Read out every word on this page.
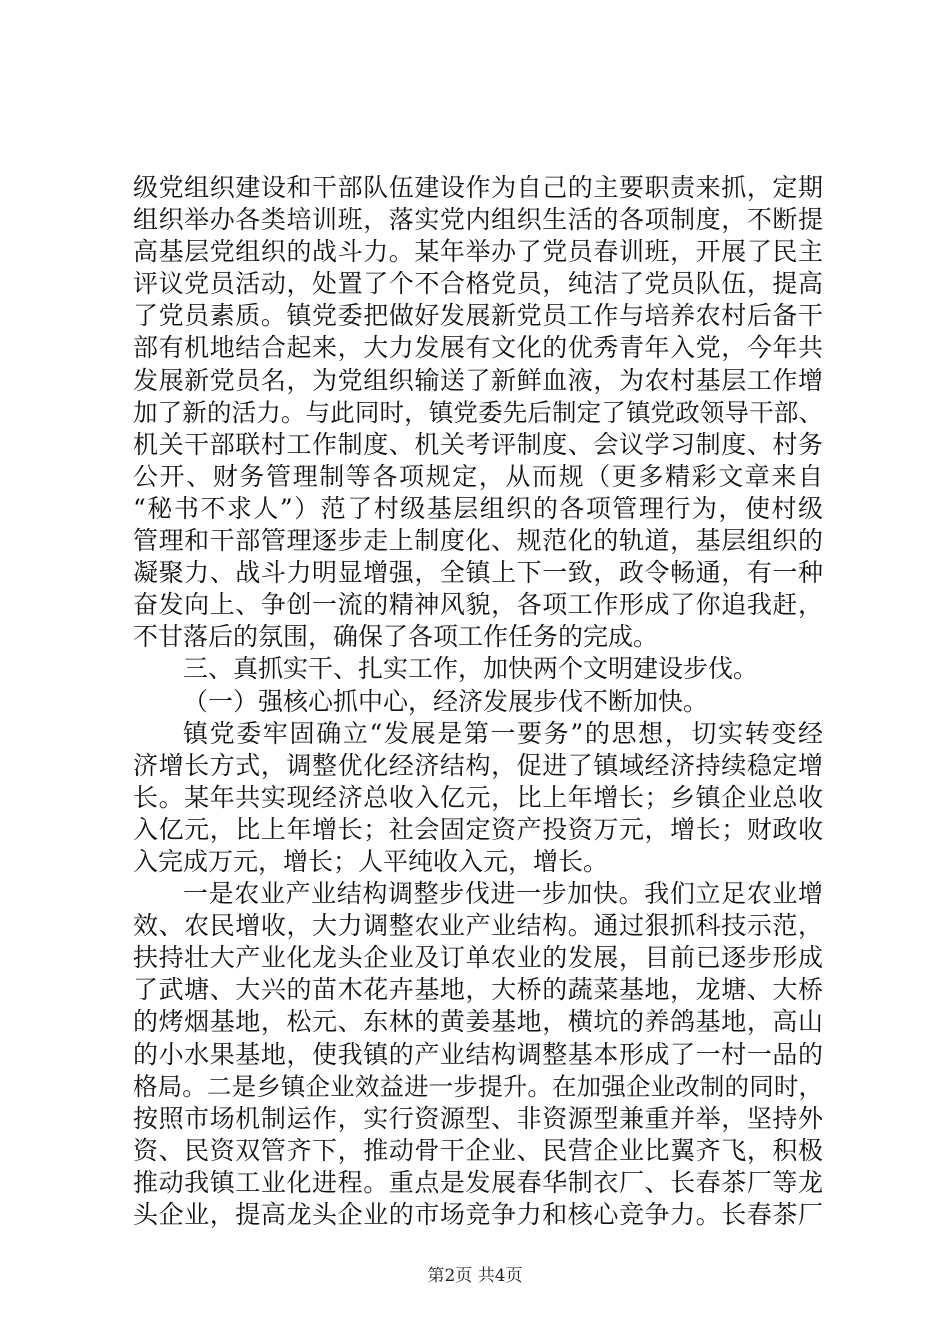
级党组织建设和干部队伍建设作为自己的主要职责来抓，定期
组织举办各类培训班，落实党内组织生活的各项制度，不断提
高基层党组织的战斗力。某年举办了党员春训班，开展了民主
评议党员活动，处置了个不合格党员，纯洁了党员队伍，提高
了党员素质。镇党委把做好发展新党员工作与培养农村后备干
部有机地结合起来，大力发展有文化的优秀青年入党，今年共
发展新党员名，为党组织输送了新鲜血液，为农村基层工作增
加了新的活力。与此同时，镇党委先后制定了镇党政领导干部、
机关干部联村工作制度、机关考评制度、会议学习制度、村务
公开、财务管理制等各项规定，从而规（更多精彩文章来自
“秘书不求人”）范了村级基层组织的各项管理行为，使村级
管理和干部管理逐步走上制度化、规范化的轨道，基层组织的
凝聚力、战斗力明显增强，全镇上下一致，政令畅通，有一种
奋发向上、争创一流的精神风貌，各项工作形成了你追我赶，
不甘落后的氛围，确保了各项工作任务的完成。
三、真抓实干、扎实工作，加快两个文明建设步伐。
（一）强核心抓中心，经济发展步伐不断加快。
镇党委牢固确立“发展是第一要务”的思想，切实转变经
济增长方式，调整优化经济结构，促进了镇域经济持续稳定增
长。某年共实现经济总收入亿元，比上年增长；乡镇企业总收
入亿元，比上年增长；社会固定资产投资万元，增长；财政收
入完成万元，增长；人平纯收入元，增长。
一是农业产业结构调整步伐进一步加快。我们立足农业增
效、农民增收，大力调整农业产业结构。通过狠抓科技示范，
扶持壮大产业化龙头企业及订单农业的发展，目前已逐步形成
了武塘、大兴的苗木花卉基地，大桥的蔬菜基地，龙塘、大桥
的烤烟基地，松元、东林的黄姜基地，横坑的养鸽基地，高山
的小水果基地，使我镇的产业结构调整基本形成了一村一品的
格局。二是乡镇企业效益进一步提升。在加强企业改制的同时，
按照市场机制运作，实行资源型、非资源型兼重并举，坚持外
资、民资双管齐下，推动骨干企业、民营企业比翼齐飞，积极
推动我镇工业化进程。重点是发展春华制衣厂、长春茶厂等龙
头企业，提高龙头企业的市场竞争力和核心竞争力。长春茶厂
第2页 共4页
